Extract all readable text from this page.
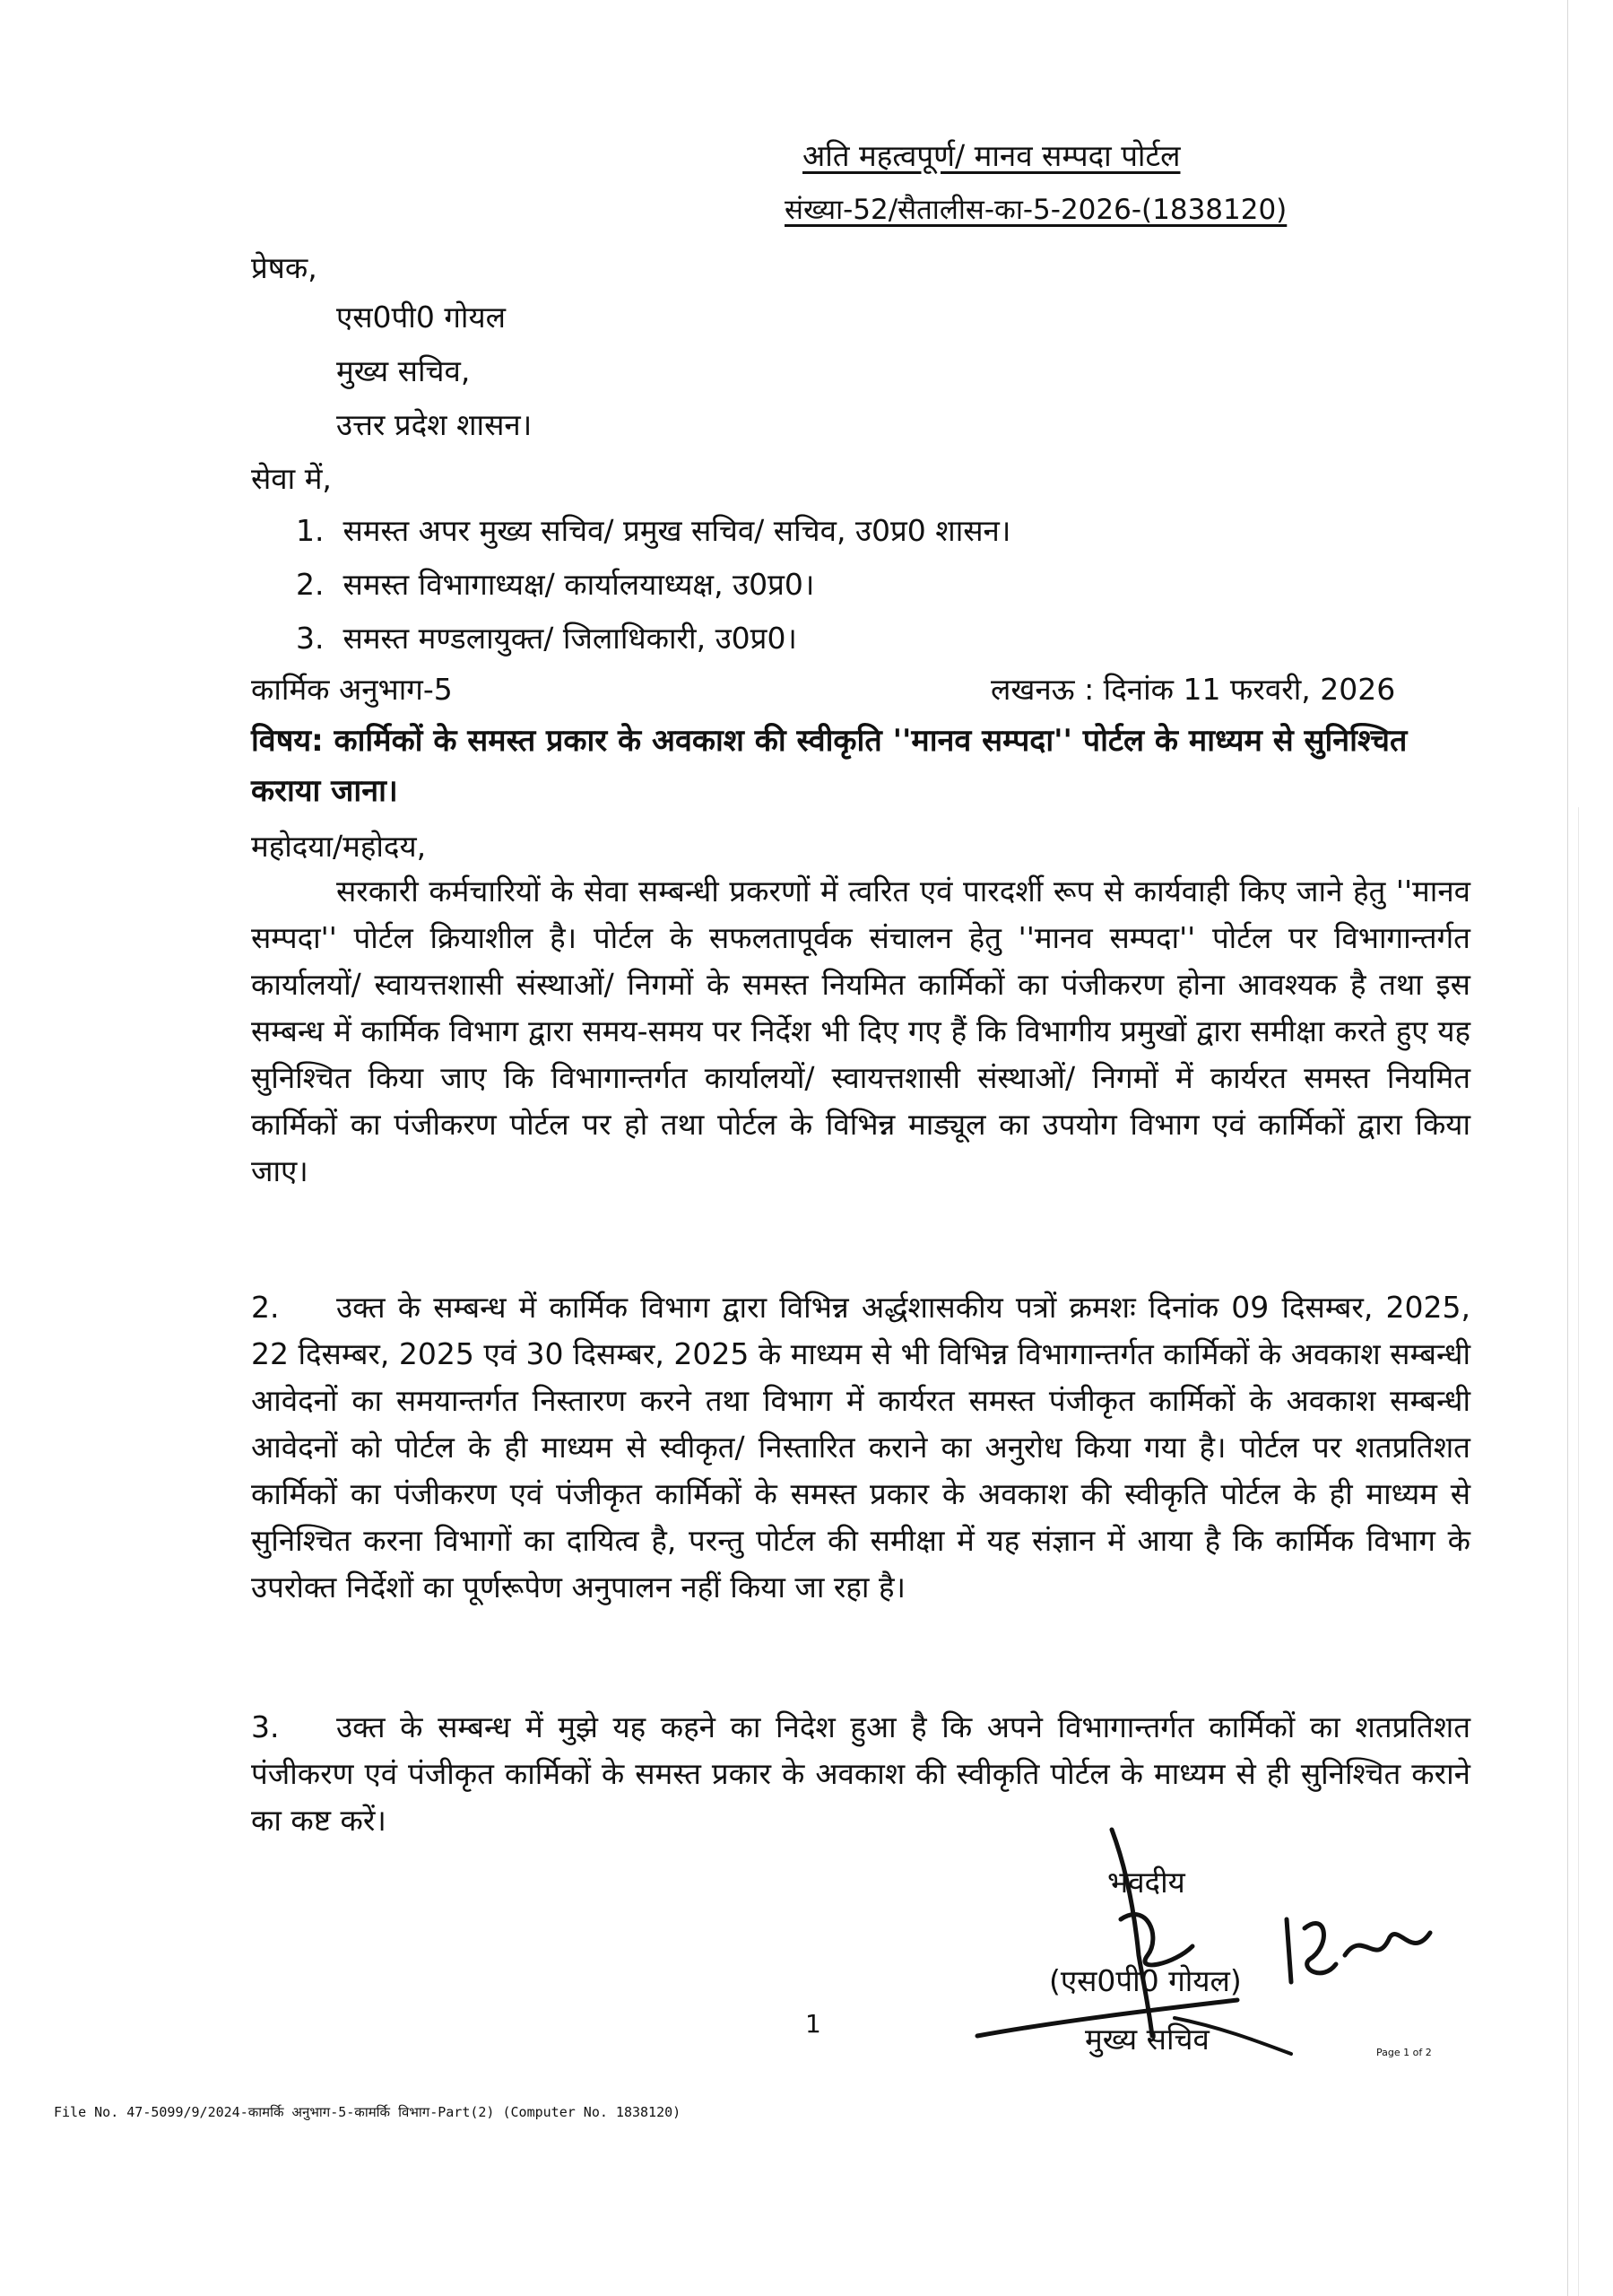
अति महत्वपूर्ण/ मानव सम्पदा पोर्टल
संख्या-52/सैतालीस-का-5-2026-(1838120)
प्रेषक,
एस0पी0 गोयल
मुख्य सचिव,
उत्तर प्रदेश शासन।
सेवा में,
1.  समस्त अपर मुख्य सचिव/ प्रमुख सचिव/ सचिव, उ0प्र0 शासन।
2.  समस्त विभागाध्यक्ष/ कार्यालयाध्यक्ष, उ0प्र0।
3.  समस्त मण्डलायुक्त/ जिलाधिकारी, उ0प्र0।
कार्मिक अनुभाग-5	लखनऊ : दिनांक 11 फरवरी, 2026
विषय: कार्मिकों के समस्त प्रकार के अवकाश की स्वीकृति ''मानव सम्पदा'' पोर्टल के माध्यम से सुनिश्चित कराया जाना।
महोदया/महोदय,
सरकारी कर्मचारियों के सेवा सम्बन्धी प्रकरणों में त्वरित एवं पारदर्शी रूप से कार्यवाही किए जाने हेतु ''मानव सम्पदा'' पोर्टल क्रियाशील है। पोर्टल के सफलतापूर्वक संचालन हेतु ''मानव सम्पदा'' पोर्टल पर विभागान्तर्गत कार्यालयों/ स्वायत्तशासी संस्थाओं/ निगमों के समस्त नियमित कार्मिकों का पंजीकरण होना आवश्यक है तथा इस सम्बन्ध में कार्मिक विभाग द्वारा समय-समय पर निर्देश भी दिए गए हैं कि विभागीय प्रमुखों द्वारा समीक्षा करते हुए यह सुनिश्चित किया जाए कि विभागान्तर्गत कार्यालयों/ स्वायत्तशासी संस्थाओं/ निगमों में कार्यरत समस्त नियमित कार्मिकों का पंजीकरण पोर्टल पर हो तथा पोर्टल के विभिन्न माड्यूल का उपयोग विभाग एवं कार्मिकों द्वारा किया जाए।
2. उक्त के सम्बन्ध में कार्मिक विभाग द्वारा विभिन्न अर्द्धशासकीय पत्रों क्रमशः दिनांक 09 दिसम्बर, 2025, 22 दिसम्बर, 2025 एवं 30 दिसम्बर, 2025 के माध्यम से भी विभिन्न विभागान्तर्गत कार्मिकों के अवकाश सम्बन्धी आवेदनों का समयान्तर्गत निस्तारण करने तथा विभाग में कार्यरत समस्त पंजीकृत कार्मिकों के अवकाश सम्बन्धी आवेदनों को पोर्टल के ही माध्यम से स्वीकृत/ निस्तारित कराने का अनुरोध किया गया है। पोर्टल पर शतप्रतिशत कार्मिकों का पंजीकरण एवं पंजीकृत कार्मिकों के समस्त प्रकार के अवकाश की स्वीकृति पोर्टल के ही माध्यम से सुनिश्चित करना विभागों का दायित्व है, परन्तु पोर्टल की समीक्षा में यह संज्ञान में आया है कि कार्मिक विभाग के उपरोक्त निर्देशों का पूर्णरूपेण अनुपालन नहीं किया जा रहा है।
3. उक्त के सम्बन्ध में मुझे यह कहने का निदेश हुआ है कि अपने विभागान्तर्गत कार्मिकों का शतप्रतिशत पंजीकरण एवं पंजीकृत कार्मिकों के समस्त प्रकार के अवकाश की स्वीकृति पोर्टल के माध्यम से ही सुनिश्चित कराने का कष्ट करें।
भवदीय
(एस0पी0 गोयल)
मुख्य सचिव
1
Page 1 of 2
File No. 47-5099/9/2024-कामर्कि अनुभाग-5-कामर्कि विभाग-Part(2) (Computer No. 1838120)
